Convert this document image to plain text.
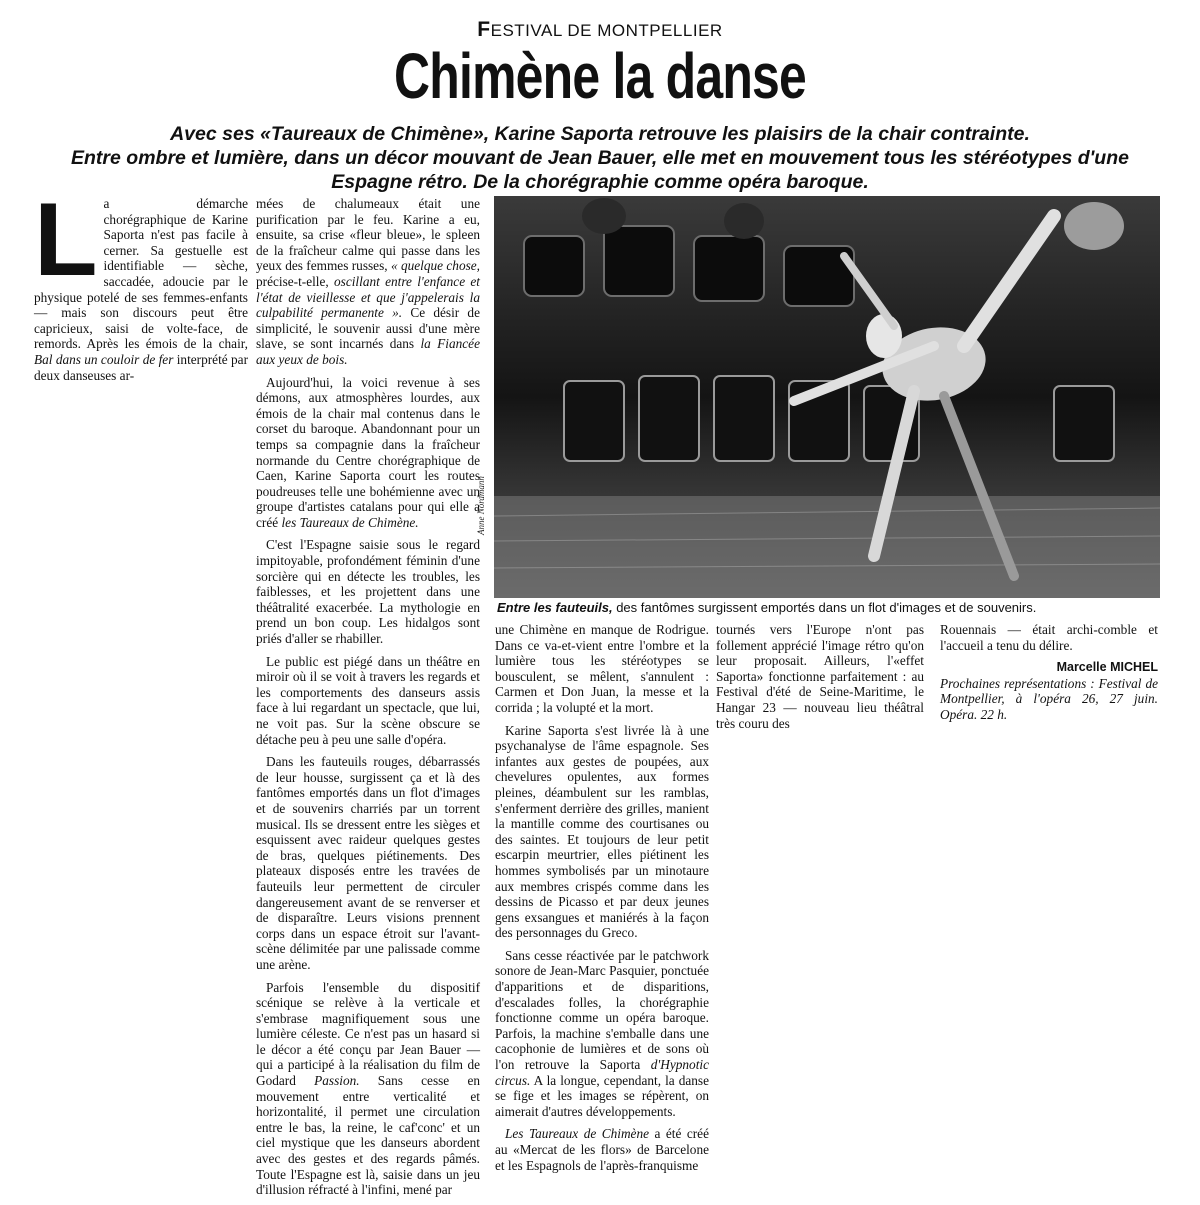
FESTIVAL DE MONTPELLIER
Chimène la danse
Avec ses «Taureaux de Chimène», Karine Saporta retrouve les plaisirs de la chair contrainte.
Entre ombre et lumière, dans un décor mouvant de Jean Bauer, elle met en mouvement tous les stéréotypes d'une
Espagne rétro. De la chorégraphie comme opéra baroque.

La démarche chorégraphique de Karine Saporta n'est pas facile à cerner. Sa gestuelle est identifiable — sèche, saccadée, adoucie par le physique potelé de ses femmes-enfants — mais son discours peut être capricieux, saisi de volte-face, de remords. Après les émois de la chair, Bal dans un couloir de fer interprété par deux danseuses ar-

mées de chalumeaux était une purification par le feu. Karine a eu, ensuite, sa crise «fleur bleue», le spleen de la fraîcheur calme qui passe dans les yeux des femmes russes, « quelque chose, précise-t-elle, oscillant entre l'enfance et l'état de vieillesse et que j'appelerais la culpabilité permanente ». Ce désir de simplicité, le souvenir aussi d'une mère slave, se sont incarnés dans la Fiancée aux yeux de bois.

Aujourd'hui, la voici revenue à ses démons, aux atmosphères lourdes, aux émois de la chair mal contenus dans le corset du baroque. Abandonnant pour un temps sa compagnie dans la fraîcheur normande du Centre chorégraphique de Caen, Karine Saporta court les routes poudreuses telle une bohémienne avec un groupe d'artistes catalans pour qui elle a créé les Taureaux de Chimène.

C'est l'Espagne saisie sous le regard impitoyable, profondément féminin d'une sorcière qui en détecte les troubles, les faiblesses, et les projettent dans une théâtralité exacerbée. La mythologie en prend un bon coup. Les hidalgos sont priés d'aller se rhabiller.

Le public est piégé dans un théâtre en miroir où il se voit à travers les regards et les comportements des danseurs assis face à lui regardant un spectacle, que lui, ne voit pas. Sur la scène obscure se détache peu à peu une salle d'opéra.

Dans les fauteuils rouges, débarrassés de leur housse, surgissent ça et là des fantômes emportés dans un flot d'images et de souvenirs charriés par un torrent musical. Ils se dressent entre les sièges et esquissent avec raideur quelques gestes de bras, quelques piétinements. Des plateaux disposés entre les travées de fauteuils leur permettent de circuler dangereusement avant de se renverser et de disparaître. Leurs visions prennent corps dans un espace étroit sur l'avant-scène délimitée par une palissade comme une arène.

Parfois l'ensemble du dispositif scénique se relève à la verticale et s'embrase magnifiquement sous une lumière céleste. Ce n'est pas un hasard si le décor a été conçu par Jean Bauer — qui a participé à la réalisation du film de Godard Passion. Sans cesse en mouvement entre verticalité et horizontalité, il permet une circulation entre le bas, la reine, le caf'conc' et un ciel mystique que les danseurs abordent avec des gestes et des regards pâmés. Toute l'Espagne est là, saisie dans un jeu d'illusion réfracté à l'infini, mené par

Anne Nordmann
Entre les fauteuils, des fantômes surgissent emportés dans un flot d'images et de souvenirs.

une Chimène en manque de Rodrigue. Dans ce va-et-vient entre l'ombre et la lumière tous les stéréotypes se bousculent, se mêlent, s'annulent : Carmen et Don Juan, la messe et la corrida ; la volupté et la mort.

Karine Saporta s'est livrée là à une psychanalyse de l'âme espagnole. Ses infantes aux gestes de poupées, aux chevelures opulentes, aux formes pleines, déambulent sur les ramblas, s'enferment derrière des grilles, manient la mantille comme des courtisanes ou des saintes. Et toujours de leur petit escarpin meurtrier, elles piétinent les hommes symbolisés par un minotaure aux membres crispés comme dans les dessins de Picasso et par deux jeunes gens exsangues et maniérés à la façon des personnages du Greco.

Sans cesse réactivée par le patchwork sonore de Jean-Marc Pasquier, ponctuée d'apparitions et de disparitions, d'escalades folles, la chorégraphie fonctionne comme un opéra baroque. Parfois, la machine s'emballe dans une cacophonie de lumières et de sons où l'on retrouve la Saporta d'Hypnotic circus. A la longue, cependant, la danse se fige et les images se répèrent, on aimerait d'autres développements.

Les Taureaux de Chimène a été créé au «Mercat de les flors» de Barcelone et les Espagnols de l'après-franquisme

tournés vers l'Europe n'ont pas follement apprécié l'image rétro qu'on leur proposait. Ailleurs, l'«effet Saporta» fonctionne parfaitement : au Festival d'été de Seine-Maritime, le Hangar 23 — nouveau lieu théâtral très couru des

Rouennais — était archi-comble et l'accueil a tenu du délire.

Marcelle MICHEL

Prochaines représentations : Festival de Montpellier, à l'opéra 26, 27 juin. Opéra. 22 h.
